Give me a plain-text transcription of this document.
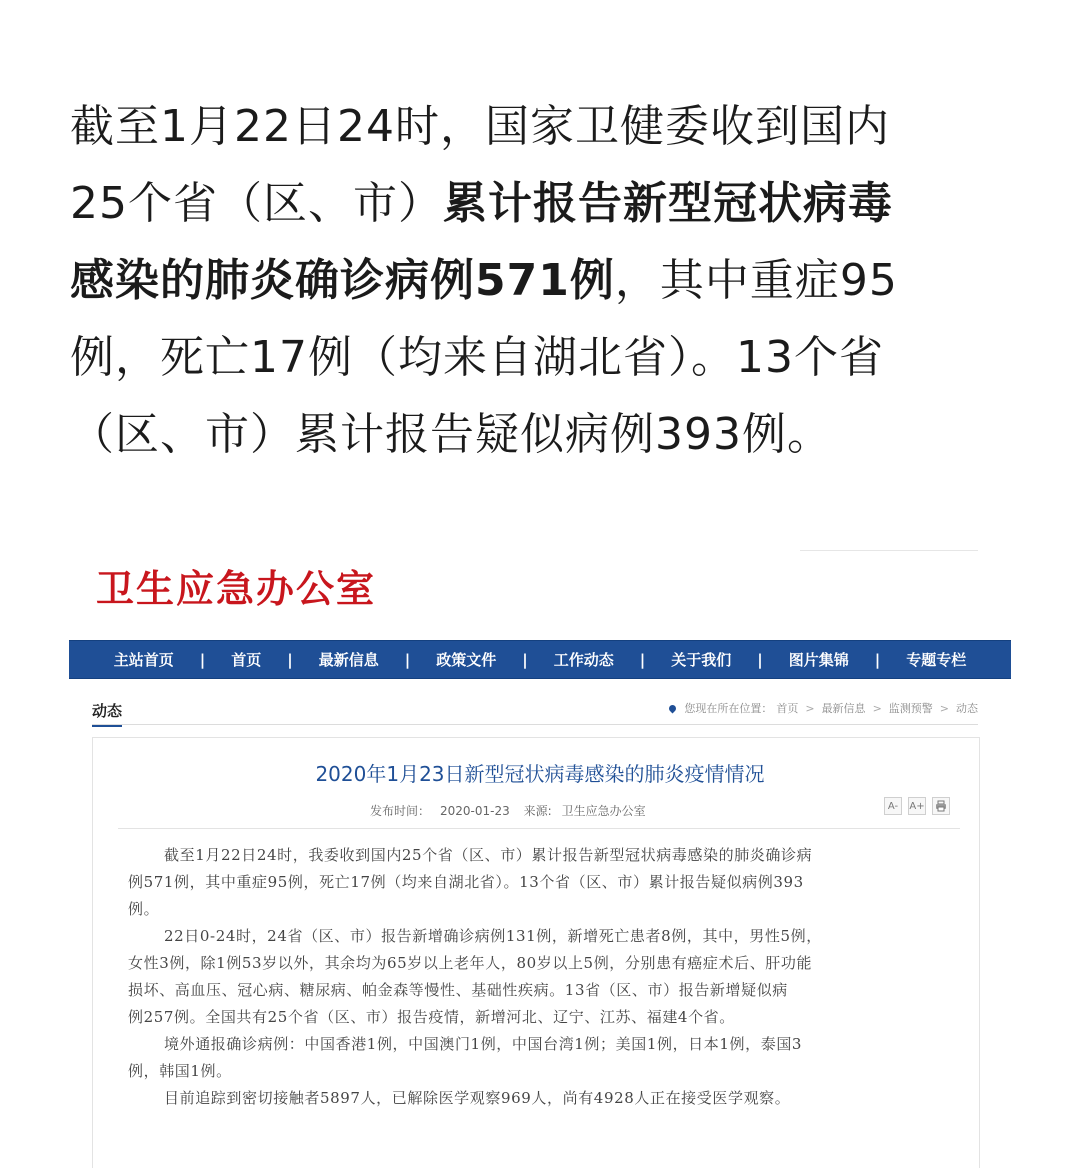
截至1月22日24时，国家卫健委收到国内
25个省（区、市）累计报告新型冠状病毒
感染的肺炎确诊病例571例，其中重症95
例，死亡17例（均来自湖北省）。13个省
（区、市）累计报告疑似病例393例。
卫生应急办公室
主站首页	|	首页	|	最新信息	|	政策文件	|	工作动态	|	关于我们	|	图片集锦	|	专题专栏
动态	您现在所在位置： 首页 > 最新信息 > 监测预警 > 动态
2020年1月23日新型冠状病毒感染的肺炎疫情情况
发布时间： 2020-01-23 来源: 卫生应急办公室	A-	A+
截至1月22日24时，我委收到国内25个省（区、市）累计报告新型冠状病毒感染的肺炎确诊病
例571例，其中重症95例，死亡17例（均来自湖北省）。13个省（区、市）累计报告疑似病例393
例。
22日0-24时，24省（区、市）报告新增确诊病例131例，新增死亡患者8例，其中，男性5例，
女性3例，除1例53岁以外，其余均为65岁以上老年人，80岁以上5例，分别患有癌症术后、肝功能
损坏、高血压、冠心病、糖尿病、帕金森等慢性、基础性疾病。13省（区、市）报告新增疑似病
例257例。全国共有25个省（区、市）报告疫情，新增河北、辽宁、江苏、福建4个省。
境外通报确诊病例：中国香港1例，中国澳门1例，中国台湾1例；美国1例，日本1例，泰国3
例，韩国1例。
目前追踪到密切接触者5897人，已解除医学观察969人，尚有4928人正在接受医学观察。
